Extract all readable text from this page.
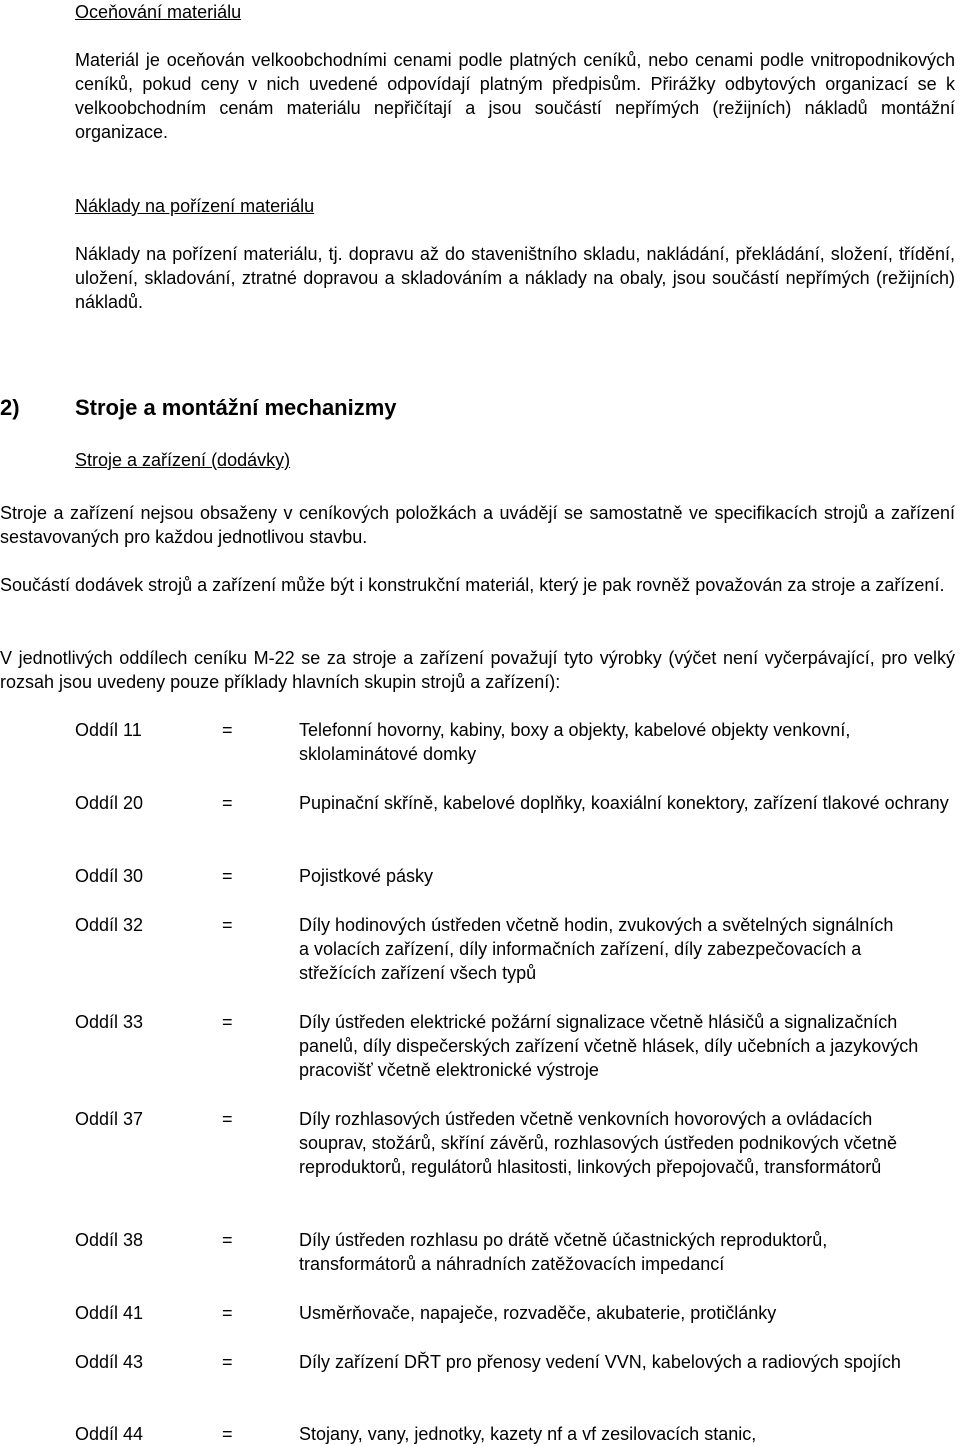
Oceňování materiálu

Materiál je oceňován velkoobchodními cenami podle platných ceníků, nebo cenami podle vnitropodnikových ceníků, pokud ceny v nich uvedené odpovídají platným předpisům. Přirážky odbytových organizací se k velkoobchodním cenám materiálu nepřičítají a jsou součástí nepřímých (režijních) nákladů montážní organizace.

Náklady na pořízení materiálu

Náklady na pořízení materiálu, tj. dopravu až do staveništního skladu, nakládání, překládání, složení, třídění, uložení, skladování, ztratné dopravou a skladováním a náklady na obaly, jsou součástí nepřímých (režijních) nákladů.

2)	Stroje a montážní mechanizmy

Stroje a zařízení (dodávky)

Stroje a zařízení nejsou obsaženy v ceníkových položkách a uvádějí se samostatně ve specifikacích strojů a zařízení sestavovaných pro každou jednotlivou stavbu.

Součástí dodávek strojů a zařízení může být i konstrukční materiál, který je pak rovněž považován za stroje a zařízení.

V jednotlivých oddílech ceníku M-22 se za stroje a zařízení považují tyto výrobky (výčet není vyčerpávající, pro velký rozsah jsou uvedeny pouze příklady hlavních skupin strojů a zařízení):

Oddíl 11	=	Telefonní hovorny, kabiny, boxy a objekty, kabelové objekty venkovní, sklolaminátové domky
Oddíl 20	=	Pupinační skříně, kabelové doplňky, koaxiální konektory, zařízení tlakové ochrany
Oddíl 30	=	Pojistkové pásky
Oddíl 32	=	Díly hodinových ústředen včetně hodin, zvukových a světelných signálních a volacích zařízení, díly informačních zařízení, díly zabezpečovacích a střežících zařízení všech typů
Oddíl 33	=	Díly ústředen elektrické požární signalizace včetně hlásičů a signalizačních panelů, díly dispečerských zařízení včetně hlásek, díly učebních a jazykových pracovišť včetně elektronické výstroje
Oddíl 37	=	Díly rozhlasových ústředen včetně venkovních hovorových a ovládacích souprav, stožárů, skříní závěrů, rozhlasových ústředen podnikových včetně reproduktorů, regulátorů hlasitosti, linkových přepojovačů, transformátorů
Oddíl 38	=	Díly ústředen rozhlasu po drátě včetně účastnických reproduktorů, transformátorů a náhradních zatěžovacích impedancí
Oddíl 41	=	Usměrňovače, napaječe, rozvaděče, akubaterie, protičlánky
Oddíl 43	=	Díly zařízení DŘT pro přenosy vedení VVN, kabelových a radiových spojích
Oddíl 44	=	Stojany, vany, jednotky, kazety nf a vf zesilovacích stanic,
